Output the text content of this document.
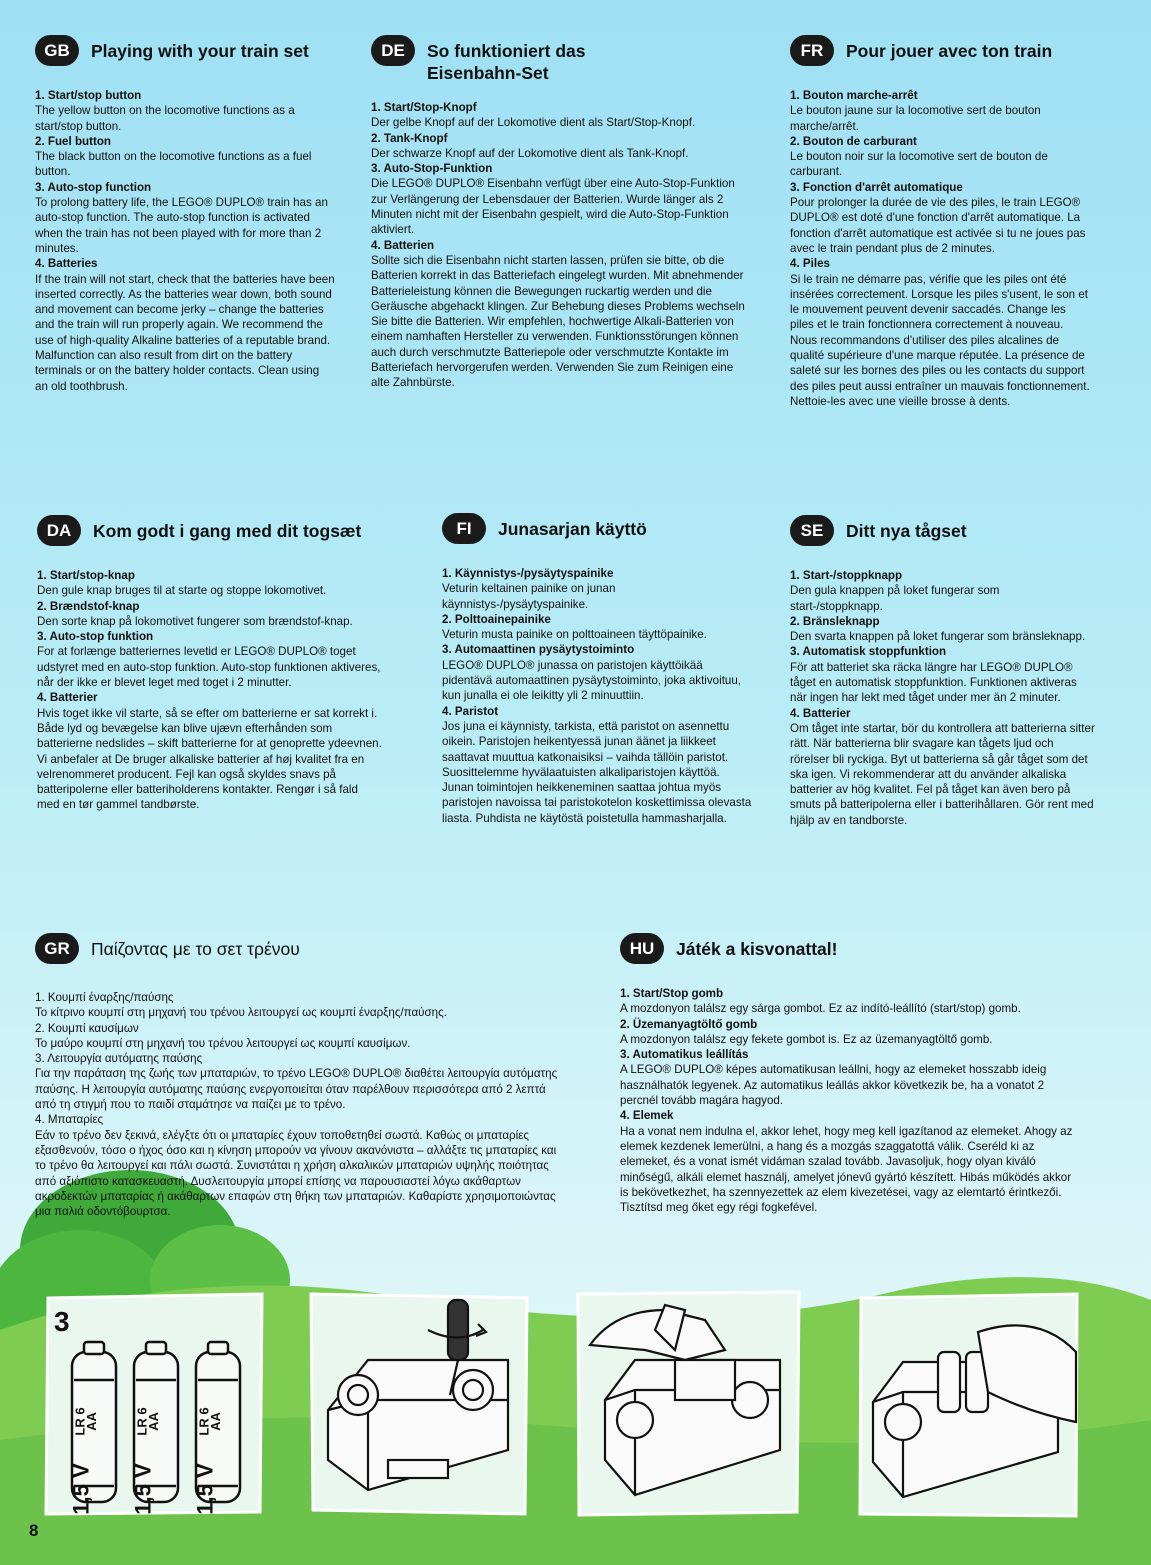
GB	Playing with your train set
1. Start/stop button

The yellow button on the locomotive functions as a start/stop button.

2. Fuel button

The black button on the locomotive functions as a fuel button.

3. Auto-stop function

To prolong battery life, the LEGO® DUPLO® train has an auto-stop function. The auto-stop function is activated when the train has not been played with for more than 2 minutes.

4. Batteries

If the train will not start, check that the batteries have been inserted correctly. As the batteries wear down, both sound and movement can become jerky – change the batteries and the train will run properly again. We recommend the use of high-quality Alkaline batteries of a reputable brand. Malfunction can also result from dirt on the battery terminals or on the battery holder contacts. Clean using an old toothbrush.

DE	So funktioniert das Eisenbahn-Set
1. Start/Stop-Knopf

Der gelbe Knopf auf der Lokomotive dient als Start/Stop-Knopf.

2. Tank-Knopf

Der schwarze Knopf auf der Lokomotive dient als Tank-Knopf.

3. Auto-Stop-Funktion

Die LEGO® DUPLO® Eisenbahn verfügt über eine Auto-Stop-Funktion zur Verlängerung der Lebensdauer der Batterien. Wurde länger als 2 Minuten nicht mit der Eisenbahn gespielt, wird die Auto-Stop-Funktion aktiviert.

4. Batterien

Sollte sich die Eisenbahn nicht starten lassen, prüfen sie bitte, ob die Batterien korrekt in das Batteriefach eingelegt wurden. Mit abnehmender Batterieleistung können die Bewegungen ruckartig werden und die Geräusche abgehackt klingen. Zur Behebung dieses Problems wechseln Sie bitte die Batterien. Wir empfehlen, hochwertige Alkali-Batterien von einem namhaften Hersteller zu verwenden. Funktionsstörungen können auch durch verschmutzte Batteriepole oder verschmutzte Kontakte im Batteriefach hervorgerufen werden. Verwenden Sie zum Reinigen eine alte Zahnbürste.

FR	Pour jouer avec ton train
1. Bouton marche-arrêt

Le bouton jaune sur la locomotive sert de bouton marche/arrêt.

2. Bouton de carburant

Le bouton noir sur la locomotive sert de bouton de carburant.

3. Fonction d'arrêt automatique

Pour prolonger la durée de vie des piles, le train LEGO® DUPLO® est doté d'une fonction d'arrêt automatique. La fonction d'arrêt automatique est activée si tu ne joues pas avec le train pendant plus de 2 minutes.

4. Piles

Si le train ne démarre pas, vérifie que les piles ont été insérées correctement. Lorsque les piles s'usent, le son et le mouvement peuvent devenir saccadés. Change les piles et le train fonctionnera correctement à nouveau. Nous recommandons d'utiliser des piles alcalines de qualité supérieure d'une marque réputée. La présence de saleté sur les bornes des piles ou les contacts du support des piles peut aussi entraîner un mauvais fonctionnement. Nettoie-les avec une vieille brosse à dents.

DA	Kom godt i gang med dit togsæt
1. Start/stop-knap

Den gule knap bruges til at starte og stoppe lokomotivet.

2. Brændstof-knap

Den sorte knap på lokomotivet fungerer som brændstof-knap.

3. Auto-stop funktion

For at forlænge batteriernes levetid er LEGO® DUPLO® toget udstyret med en auto-stop funktion. Auto-stop funktionen aktiveres, når der ikke er blevet leget med toget i 2 minutter.

4. Batterier

Hvis toget ikke vil starte, så se efter om batterierne er sat korrekt i. Både lyd og bevægelse kan blive ujævn efterhånden som batterierne nedslides – skift batterierne for at genoprette ydeevnen. Vi anbefaler at De bruger alkaliske batterier af høj kvalitet fra en velrenommeret producent. Fejl kan også skyldes snavs på batteripolerne eller batteriholderens kontakter. Rengør i så fald med en tør gammel tandbørste.

FI	Junasarjan käyttö
1. Käynnistys-/pysäytyspainike

Veturin keltainen painike on junan käynnistys-/pysäytyspainike.

2. Polttoainepainike

Veturin musta painike on polttoaineen täyttöpainike.

3. Automaattinen pysäytystoiminto

LEGO® DUPLO® junassa on paristojen käyttöikää pidentävä automaattinen pysäytystoiminto, joka aktivoituu, kun junalla ei ole leikitty yli 2 minuuttiin.

4. Paristot

Jos juna ei käynnisty, tarkista, että paristot on asennettu oikein. Paristojen heikentyessä junan äänet ja liikkeet saattavat muuttua katkonaisiksi – vaihda tällöin paristot. Suosittelemme hyvälaatuisten alkaliparistojen käyttöä. Junan toimintojen heikkeneminen saattaa johtua myös paristojen navoissa tai paristokotelon koskettimissa olevasta liasta. Puhdista ne käytöstä poistetulla hammasharjalla.

SE	Ditt nya tågset
1. Start-/stoppknapp

Den gula knappen på loket fungerar som start-/stoppknapp.

2. Bränsleknapp

Den svarta knappen på loket fungerar som bränsleknapp.

3. Automatisk stoppfunktion

För att batteriet ska räcka längre har LEGO® DUPLO® tåget en automatisk stoppfunktion. Funktionen aktiveras när ingen har lekt med tåget under mer än 2 minuter.

4. Batterier

Om tåget inte startar, bör du kontrollera att batterierna sitter rätt. När batterierna blir svagare kan tågets ljud och rörelser bli ryckiga. Byt ut batterierna så går tåget som det ska igen. Vi rekommenderar att du använder alkaliska batterier av hög kvalitet. Fel på tåget kan även bero på smuts på batteripolerna eller i batterihållaren. Gör rent med hjälp av en tandborste.

GR	Παίζοντας με το σετ τρένου
1. Κουμπί έναρξης/παύσης

Το κίτρινο κουμπί στη μηχανή του τρένου λειτουργεί ως κουμπί έναρξης/παύσης.

2. Κουμπί καυσίμων

Το μαύρο κουμπί στη μηχανή του τρένου λειτουργεί ως κουμπί καυσίμων.

3. Λειτουργία αυτόματης παύσης

Για την παράταση της ζωής των μπαταριών, το τρένο LEGO® DUPLO® διαθέτει λειτουργία αυτόματης παύσης. Η λειτουργία αυτόματης παύσης ενεργοποιείται όταν παρέλθουν περισσότερα από 2 λεπτά από τη στιγμή που το παιδί σταμάτησε να παίζει με το τρένο.

4. Μπαταρίες

Εάν το τρένο δεν ξεκινά, ελέγξτε ότι οι μπαταρίες έχουν τοποθετηθεί σωστά. Καθώς οι μπαταρίες εξασθενούν, τόσο ο ήχος όσο και η κίνηση μπορούν να γίνουν ακανόνιστα – αλλάξτε τις μπαταρίες και το τρένο θα λειτουργεί και πάλι σωστά. Συνιστάται η χρήση αλκαλικών μπαταριών υψηλής ποιότητας από αξιόπιστο κατασκευαστή. Δυσλειτουργία μπορεί επίσης να παρουσιαστεί λόγω ακάθαρτων ακροδεκτών μπαταρίας ή ακάθαρτων επαφών στη θήκη των μπαταριών. Καθαρίστε χρησιμοποιώντας μια παλιά οδοντόβουρτσα.

HU	Játék a kisvonattal!
1. Start/Stop gomb

A mozdonyon találsz egy sárga gombot. Ez az indító-leállító (start/stop) gomb.

2. Üzemanyagtöltő gomb

A mozdonyon találsz egy fekete gombot is. Ez az üzemanyagtöltő gomb.

3. Automatikus leállítás

A LEGO® DUPLO® képes automatikusan leállni, hogy az elemeket hosszabb ideig használhatók legyenek. Az automatikus leállás akkor következik be, ha a vonatot 2 percnél tovább magára hagyod.

4. Elemek

Ha a vonat nem indulna el, akkor lehet, hogy meg kell igazítanod az elemeket. Ahogy az elemek kezdenek lemerülni, a hang és a mozgás szaggatottá válik. Cseréld ki az elemeket, és a vonat ismét vidáman szalad tovább. Javasoljuk, hogy olyan kiváló minőségű, alkáli elemet használj, amelyet jónevű gyártó készített. Hibás működés akkor is bekövetkezhet, ha szennyezettek az elem kivezetései, vagy az elemtartó érintkezői. Tisztítsd meg őket egy régi fogkefével.

3
LR 6
AA
1,5 V
LR 6
AA
1,5 V
LR 6
AA
1,5 V
8
